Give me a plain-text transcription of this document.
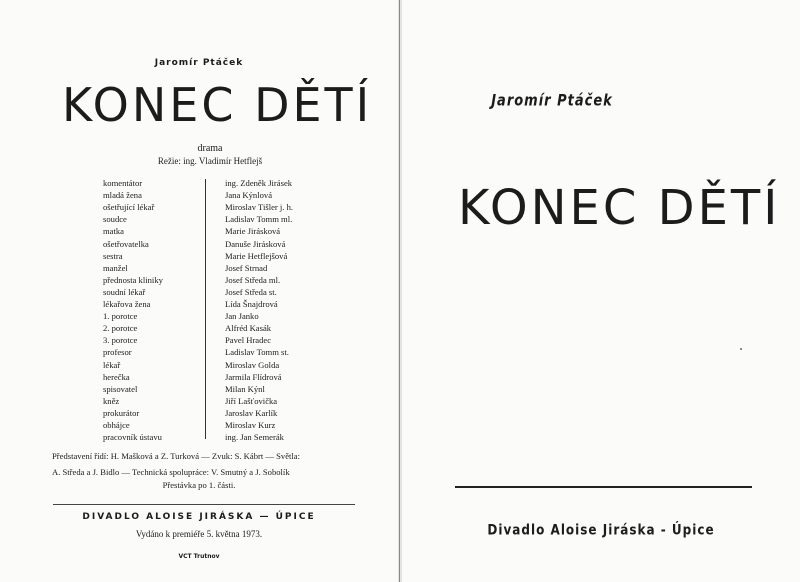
Jaromír Ptáček
KONEC DĚTÍ
drama
Režie: ing. Vladimír Hetflejš
komentátor	ing. Zdeněk Jirásek
mladá žena	Jana Kýnlová
ošetřující lékař	Miroslav Tišler j. h.
soudce	Ladislav Tomm ml.
matka	Marie Jirásková
ošetřovatelka	Danuše Jirásková
sestra	Marie Hetflejšová
manžel	Josef Strnad
přednosta kliniky	Josef Středa ml.
soudní lékař	Josef Středa st.
lékařova žena	Lída Šnajdrová
1. porotce	Jan Janko
2. porotce	Alfréd Kasák
3. porotce	Pavel Hradec
profesor	Ladislav Tomm st.
lékař	Miroslav Golda
herečka	Jarmila Flídrová
spisovatel	Milan Kýnl
kněz	Jiří Lašťovička
prokurátor	Jaroslav Karlík
obhájce	Miroslav Kurz
pracovník ústavu	ing. Jan Semerák
Představení řídí: H. Mašková a Z. Turková — Zvuk: S. Kábrt — Světla:
A. Středa a J. Bidlo — Technická spolupráce: V. Smutný a J. Sobolík
Přestávka po 1. části.
DIVADLO ALOISE JIRÁSKA — ÚPICE
Vydáno k premiéře 5. května 1973.
VCT Trutnov
Jaromír Ptáček
KONEC DĚTÍ
Divadlo Aloise Jiráska - Úpice
